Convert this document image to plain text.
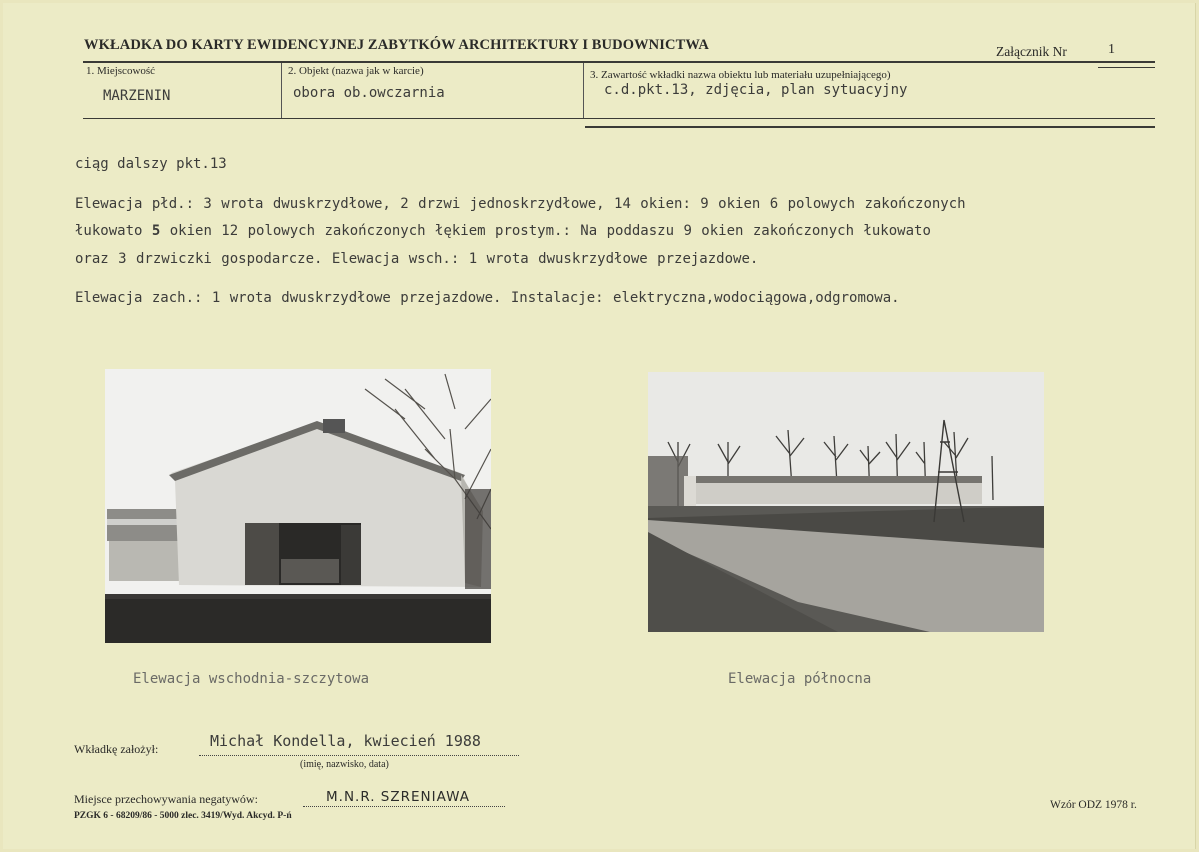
WKŁADKA DO KARTY EWIDENCYJNEJ ZABYTKÓW ARCHITEKTURY I BUDOWNICTWA	Załącznik Nr	1
1. Miejscowość
MARZENIN
2. Objekt (nazwa jak w karcie)
obora ob.owczarnia
3. Zawartość wkładki nazwa obiektu lub materiału uzupełniającego)
c.d.pkt.13, zdjęcia, plan sytuacyjny
ciąg dalszy pkt.13
Elewacja płd.: 3 wrota dwuskrzydłowe, 2 drzwi jednoskrzydłowe, 14 okien: 9 okien 6 polowych zakończonych
łukowato 5 okien 12 polowych zakończonych łękiem prostym.: Na poddaszu 9 okien zakończonych łukowato
oraz 3 drzwiczki gospodarcze. Elewacja wsch.: 1 wrota dwuskrzydłowe przejazdowe.
Elewacja zach.: 1 wrota dwuskrzydłowe przejazdowe. Instalacje: elektryczna,wodociągowa,odgromowa.
Elewacja wschodnia-szczytowa	Elewacja północna
Wkładkę założył:	Michał Kondella, kwiecień 1988
(imię, nazwisko, data)
Miejsce przechowywania negatywów:	M.N.R. SZRENIAWA
PZGK 6 - 68209/86 - 5000 zlec. 3419/Wyd. Akcyd. P-ń
Wzór ODZ 1978 r.
